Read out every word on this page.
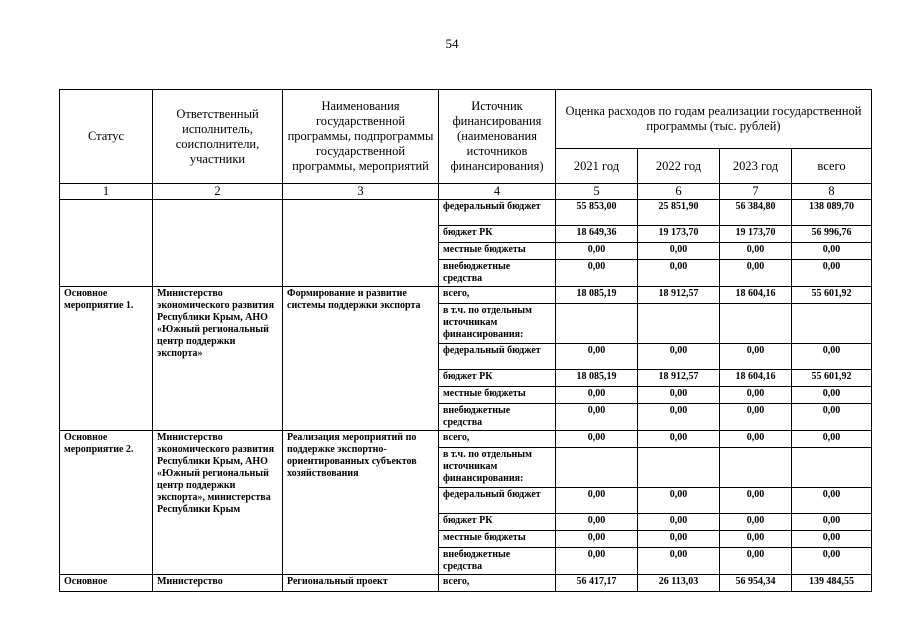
54
Статус	Ответственный исполнитель, соисполнители, участники	Наименования государственной программы, подпрограммы государственной программы, мероприятий	Источник финансирования (наименования источников финансирования)	Оценка расходов по годам реализации государственной программы (тыс. рублей)			
				2021 год	2022 год	2023 год	всего
1	2	3	4	5	6	7	8
			федеральный бюджет	55 853,00	25 851,90	56 384,80	138 089,70
			бюджет РК	18 649,36	19 173,70	19 173,70	56 996,76
			местные бюджеты	0,00	0,00	0,00	0,00
			внебюджетные средства	0,00	0,00	0,00	0,00
Основное мероприятие 1.	Министерство экономического развития Республики Крым, АНО «Южный региональный центр поддержки экспорта»	Формирование и развитие системы поддержки экспорта	всего,	18 085,19	18 912,57	18 604,16	55 601,92
			в т.ч. по отдельным источникам финансирования:				
			федеральный бюджет	0,00	0,00	0,00	0,00
			бюджет РК	18 085,19	18 912,57	18 604,16	55 601,92
			местные бюджеты	0,00	0,00	0,00	0,00
			внебюджетные средства	0,00	0,00	0,00	0,00
Основное мероприятие 2.	Министерство экономического развития Республики Крым, АНО «Южный региональный центр поддержки экспорта», министерства Республики Крым	Реализация мероприятий по поддержке экспортно-ориентированных субъектов хозяйствования	всего,	0,00	0,00	0,00	0,00
			в т.ч. по отдельным источникам финансирования:				
			федеральный бюджет	0,00	0,00	0,00	0,00
			бюджет РК	0,00	0,00	0,00	0,00
			местные бюджеты	0,00	0,00	0,00	0,00
			внебюджетные средства	0,00	0,00	0,00	0,00
Основное	Министерство	Региональный проект	всего,	56 417,17	26 113,03	56 954,34	139 484,55
